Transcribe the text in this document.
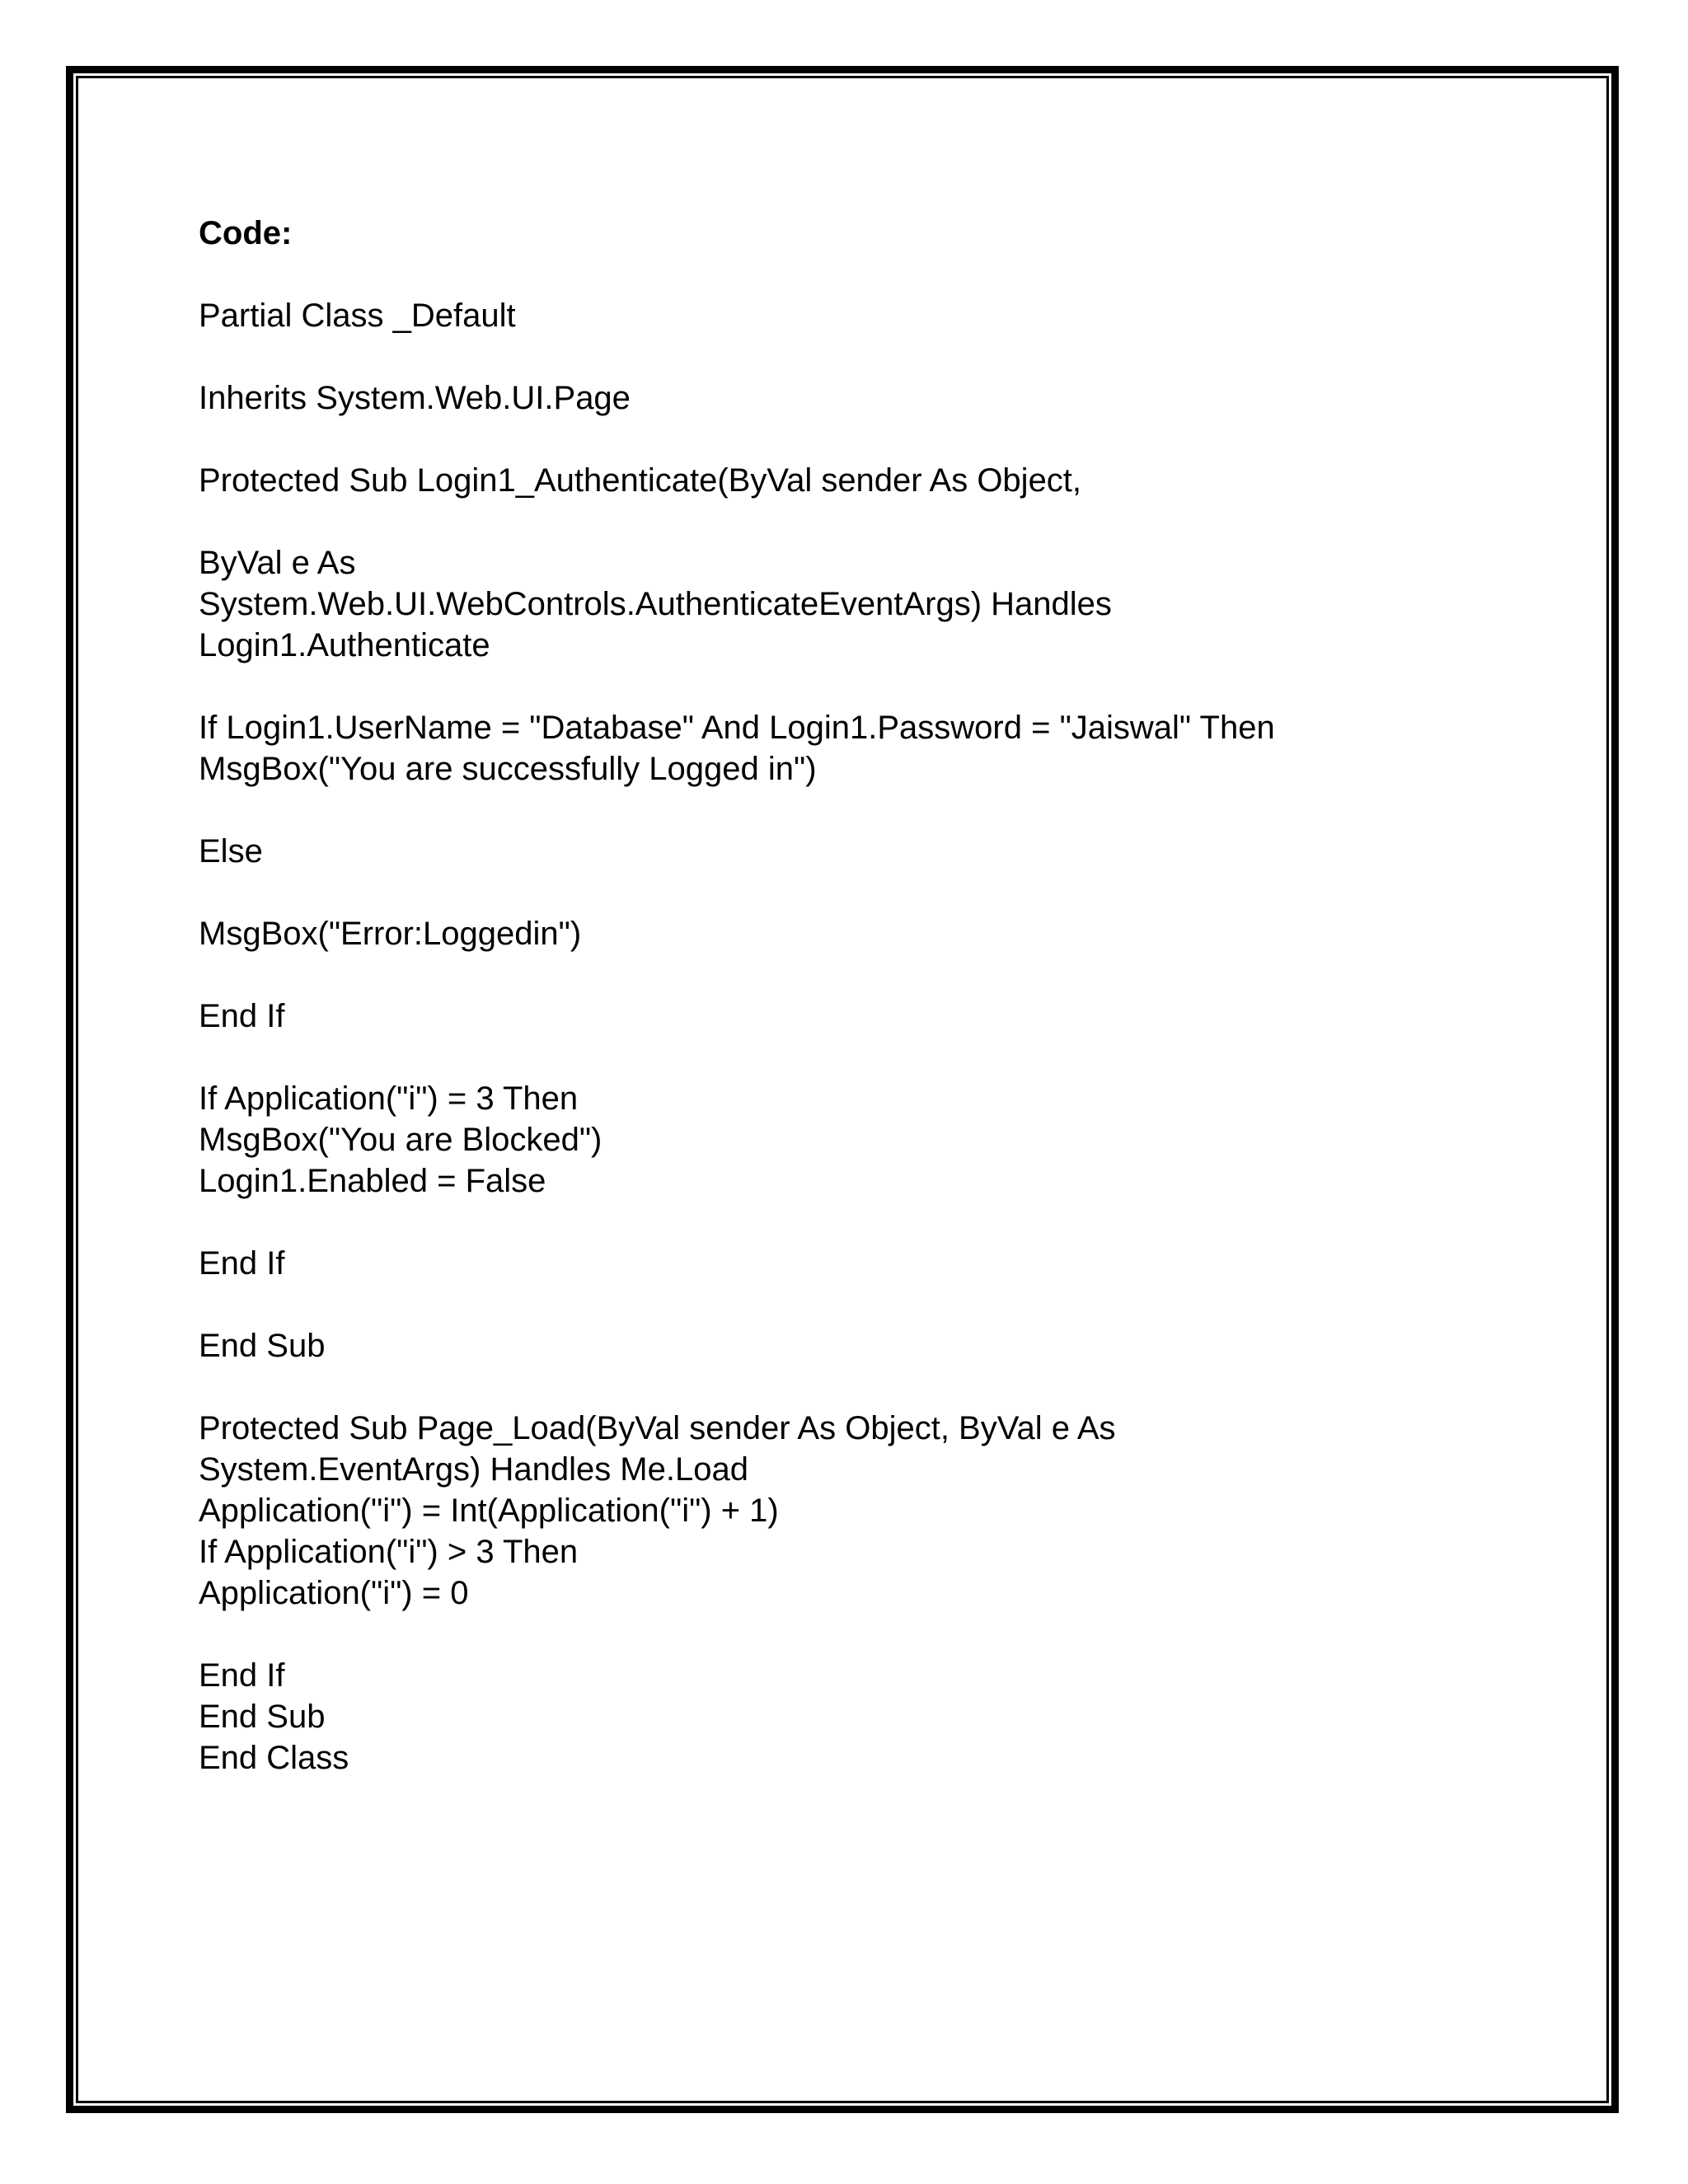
Code:
Partial Class _Default
Inherits System.Web.UI.Page
Protected Sub Login1_Authenticate(ByVal sender As Object,
ByVal e As
System.Web.UI.WebControls.AuthenticateEventArgs) Handles
Login1.Authenticate
If Login1.UserName = "Database" And Login1.Password = "Jaiswal" Then
MsgBox("You are successfully Logged in")
Else
MsgBox("Error:Loggedin")
End If
If Application("i") = 3 Then
MsgBox("You are Blocked")
Login1.Enabled = False
End If
End Sub
Protected Sub Page_Load(ByVal sender As Object, ByVal e As
System.EventArgs) Handles Me.Load
Application("i") = Int(Application("i") + 1)
If Application("i") > 3 Then
Application("i") = 0
End If
End Sub
End Class
